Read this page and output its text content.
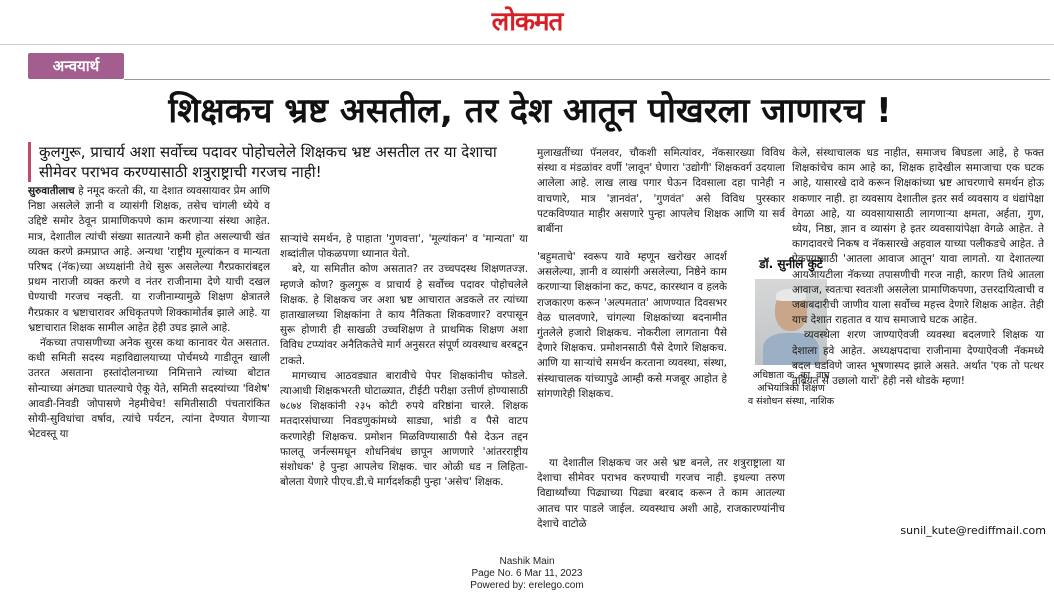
लोकमत
अन्वयार्थ
शिक्षकच भ्रष्ट असतील, तर देश आतून पोखरला जाणारच !
कुलगुरू, प्राचार्य अशा सर्वोच्च पदावर पोहोचलेले शिक्षकच भ्रष्ट असतील तर या देशाचा सीमेवर पराभव करण्यासाठी शत्रुराष्ट्राची गरजच नाही!

सुरुवातीलाच हे नमूद करतो की, या देशात व्यवसायावर प्रेम आणि निष्ठा असलेले ज्ञानी व व्यासंगी शिक्षक, तसेच चांगली ध्येये व उद्दिष्टे समोर ठेवून प्रामाणिकपणे काम करणाऱ्या संस्था आहेत. मात्र, देशातील त्यांची संख्या सातत्याने कमी होत असल्याची खंत व्यक्त करणे क्रमप्राप्त आहे. अन्यथा 'राष्ट्रीय मूल्यांकन व मान्यता परिषद (नॅक)च्या अध्यक्षांनी तेथे सुरू असलेल्या गैरप्रकारांबद्दल प्रथम नाराजी व्यक्त करणे व नंतर राजीनामा देणे याची दखल घेण्याची गरजच नव्हती. या राजीनाम्यामुळे शिक्षण क्षेत्रातले गैरप्रकार व भ्रष्टाचारावर अधिकृतपणे शिक्कामोर्तब झाले आहे. या भ्रष्टाचारात शिक्षक सामील आहेत हेही उघड झाले आहे.

नॅकच्या तपासणीच्या अनेक सुरस कथा कानावर येत असतात. कधी समिती सदस्य महाविद्यालयाच्या पोर्चमध्ये गाडीतून खाली उतरत असताना हस्तांदोलनाच्या निमित्ताने त्यांच्या बोटात सोन्याच्या अंगठ्या घातल्याचे ऐकू येते, समिती सदस्यांच्या 'विशेष' आवडी-निवडी जोपासणे नेहमीचेच! समितीसाठी पंचतारांकित सोयी-सुविधांचा वर्षाव, त्यांचे पर्यटन, त्यांना देण्यात येणाऱ्या भेटवस्तू या

साऱ्यांचे समर्थन, हे पाहाता 'गुणवत्ता', 'मूल्यांकन' व 'मान्यता' या शब्दांतील पोकळपणा ध्यानात येतो.

बरे, या समितीत कोण असतात? तर उच्चपदस्थ शिक्षणतज्ज्ञ. म्हणजे कोण? कुलगुरू व प्राचार्य हे सर्वोच्च पदावर पोहोचलेले शिक्षक. हे शिक्षकच जर अशा भ्रष्ट आचारात अडकले तर त्यांच्या हाताखालच्या शिक्षकांना ते काय नैतिकता शिकवणार? वरपासून सुरू होणारी ही साखळी उच्चशिक्षण ते प्राथमिक शिक्षण अशा विविध टप्प्यांवर अनैतिकतेचे मार्ग अनुसरत संपूर्ण व्यवस्थाच बरबटून टाकते.

मागच्याच आठवड्यात बारावीचे पेपर शिक्षकांनीच फोडले. त्याआधी शिक्षकभरती घोटाळ्यात, टीईटी परीक्षा उत्तीर्ण होण्यासाठी ७८७४ शिक्षकांनी २३५ कोटी रुपये वरिष्ठांना चारले. शिक्षक मतदारसंघाच्या निवडणुकांमध्ये साड्या, भांडी व पैसे वाटप करणारेही शिक्षकच. प्रमोशन मिळविण्यासाठी पैसे देऊन तद्दन फालतू जर्नल्समधून शोधनिबंध छापून आणणारे 'आंतरराष्ट्रीय संशोधक' हे पुन्हा आपलेच शिक्षक. चार ओळी धड न लिहिता-बोलता येणारे पीएच.डी.चे मार्गदर्शकही पुन्हा 'असेच' शिक्षक.

मुलाखतींच्या पॅनलवर, चौकशी समित्यांवर, नॅकसारख्या विविध संस्था व मंडळांवर वर्णी 'लावून' घेणारा 'उद्योगी' शिक्षकवर्ग उदयाला आलेला आहे. लाख लाख पगार घेऊन दिवसाला दहा पानेही न वाचणारे, मात्र 'ज्ञानवंत', 'गुणवंत' असे विविध पुरस्कार पटकविण्यात माहीर असणारे पुन्हा आपलेच शिक्षक आणि या सर्व बाबींना

'बहुमताचे' स्वरूप यावे म्हणून खरोखर आदर्श असलेल्या, ज्ञानी व व्यासंगी असलेल्या, निष्ठेने काम करणाऱ्या शिक्षकांना कट, कपट, कारस्थान व हलके राजकारण करून 'अल्पमतात' आणण्यात दिवसभर वेळ घालवणारे, चांगल्या शिक्षकांच्या बदनामीत गुंतलेले हजारो शिक्षकच. नोकरीला लागताना पैसे देणारे शिक्षकच. प्रमोशनसाठी पैसे देणारे शिक्षकच. आणि या साऱ्यांचे समर्थन करताना व्यवस्था, संस्था, संस्थाचालक यांच्यापुढे आम्ही कसे मजबूर आहोत हे सांगणारेही शिक्षकच.

या देशातील शिक्षकच जर असे भ्रष्ट बनले, तर शत्रुराष्ट्राला या देशाचा सीमेवर पराभव करण्याची गरजच नाही. इथल्या तरुण विद्यार्थ्यांच्या पिढ्याच्या पिढ्या बरबाद करून ते काम आतल्या आतच पार पाडले जाईल. व्यवस्थाच अशी आहे, राजकारण्यांनीच देशाचे वाटोळे

डॉ. सुनील कुटे
अधिष्ठाता क. का. वाघ
अभियांत्रिकी शिक्षण
व संशोधन संस्था, नाशिक

केले, संस्थाचालक धड नाहीत, समाजच बिघडला आहे, हे फक्त शिक्षकांचेच काम आहे का, शिक्षक हादेखील समाजाचा एक घटक आहे, यासारखे दावे करून शिक्षकांच्या भ्रष्ट आचरणाचे समर्थन होऊ शकणार नाही. हा व्यवसाय देशातील इतर सर्व व्यवसाय व धंद्यांपेक्षा वेगळा आहे, या व्यवसायासाठी लागणाऱ्या क्षमता, अर्हता, गुण, ध्येय, निष्ठा, ज्ञान व व्यासंग हे इतर व्यवसायांपेक्षा वेगळे आहेत. ते कागदावरचे निकष व नॅकसारखे अहवाल याच्या पलीकडचे आहेत. ते ऐकण्यासाठी 'आतला आवाज आतून' यावा लागतो. या देशातल्या आयआयटीला नॅकच्या तपासणीची गरज नाही, कारण तिथे आतला आवाज, स्वतःचा स्वतःशी असलेला प्रामाणिकपणा, उत्तरदायित्वाची व जबाबदारीची जाणीव याला सर्वोच्च महत्त्व देणारे शिक्षक आहेत. तेही याच देशात राहतात व याच समाजाचे घटक आहेत.

व्यवस्थेला शरण जाण्याऐवजी व्यवस्था बदलणारे शिक्षक या देशाला हवे आहेत. अध्यक्षपदाचा राजीनामा देण्याऐवजी नॅकमध्ये बदल घडविणे जास्त भूषणास्पद झाले असते. अर्थात 'एक तो पत्थर तबियत से उछालो यारों' हेही नसे थोडके म्हणा!

sunil_kute@rediffmail.com
Nashik Main
Page No. 6 Mar 11, 2023
Powered by: erelego.com
